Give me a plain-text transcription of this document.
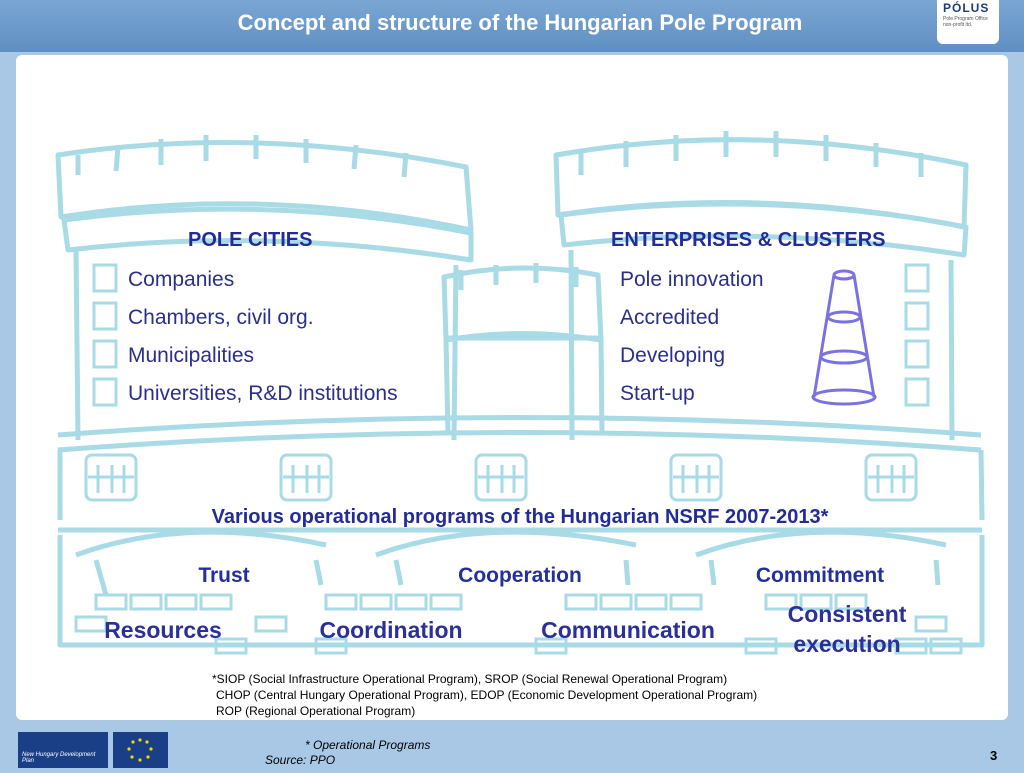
Concept and structure of the Hungarian Pole Program
PÓLUS
Pole Program Office non-profit ltd.
POLE CITIES	ENTERPRISES & CLUSTERS
Companies
Chambers, civil org.
Municipalities
Universities, R&D institutions
Pole innovation
Accredited
Developing
Start-up
Various operational programs of the Hungarian NSRF 2007-2013*
Trust	Cooperation	Commitment
Resources	Coordination	Communication
Consistent execution
*SIOP (Social Infrastructure Operational Program), SROP (Social Renewal Operational Program)
CHOP (Central Hungary Operational Program), EDOP (Economic Development Operational Program)
ROP (Regional Operational Program)
New Hungary Development Plan
* Operational Programs
Source: PPO	3
